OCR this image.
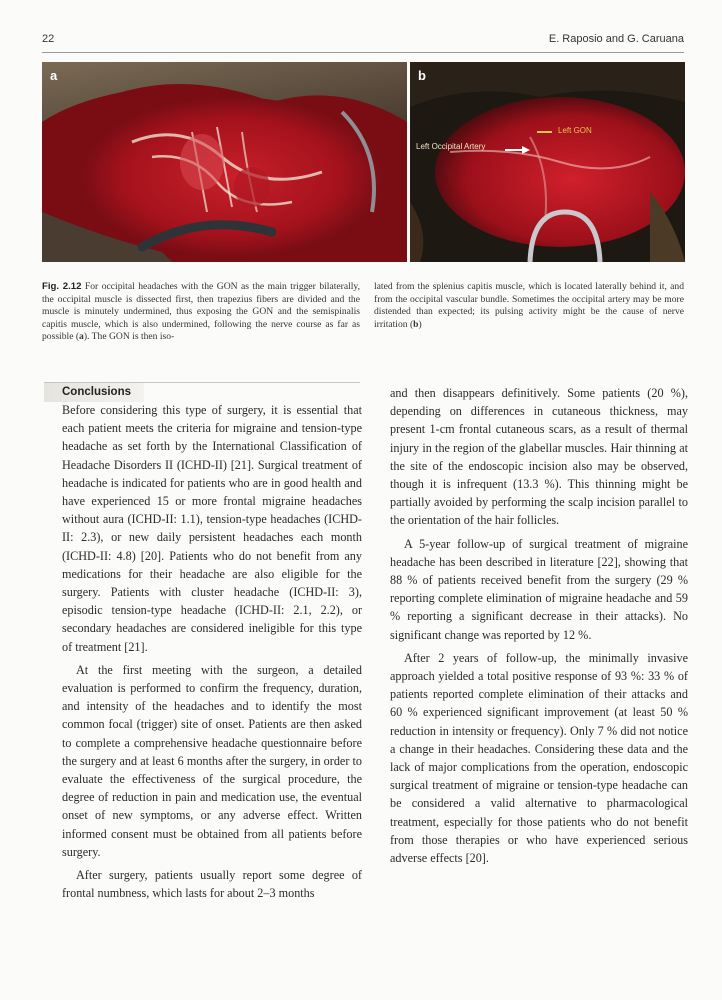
22	E. Raposio and G. Caruana
a	b
Left Occipital Artery
Left GON
Fig. 2.12 For occipital headaches with the GON as the main trigger bilaterally, the occipital muscle is dissected first, then trapezius fibers are divided and the muscle is minutely undermined, thus exposing the GON and the semispinalis capitis muscle, which is also undermined, following the nerve course as far as possible (a). The GON is then iso-
lated from the splenius capitis muscle, which is located laterally behind it, and from the occipital vascular bundle. Sometimes the occipital artery may be more distended than expected; its pulsing activity might be the cause of nerve irritation (b)
Conclusions

Before considering this type of surgery, it is essential that each patient meets the criteria for migraine and tension-type headache as set forth by the International Classification of Headache Disorders II (ICHD-II) [21]. Surgical treatment of headache is indicated for patients who are in good health and have experienced 15 or more frontal migraine headaches without aura (ICHD-II: 1.1), tension-type headaches (ICHD-II: 2.3), or new daily persistent headaches each month (ICHD-II: 4.8) [20]. Patients who do not benefit from any medications for their headache are also eligible for the surgery. Patients with cluster headache (ICHD-II: 3), episodic tension-type headache (ICHD-II: 2.1, 2.2), or secondary headaches are considered ineligible for this type of treatment [21].

At the first meeting with the surgeon, a detailed evaluation is performed to confirm the frequency, duration, and intensity of the headaches and to identify the most common focal (trigger) site of onset. Patients are then asked to complete a comprehensive headache questionnaire before the surgery and at least 6 months after the surgery, in order to evaluate the effectiveness of the surgical procedure, the degree of reduction in pain and medication use, the eventual onset of new symptoms, or any adverse effect. Written informed consent must be obtained from all patients before surgery.

After surgery, patients usually report some degree of frontal numbness, which lasts for about 2–3 months

and then disappears definitively. Some patients (20 %), depending on differences in cutaneous thickness, may present 1-cm frontal cutaneous scars, as a result of thermal injury in the region of the glabellar muscles. Hair thinning at the site of the endoscopic incision also may be observed, though it is infrequent (13.3 %). This thinning might be partially avoided by performing the scalp incision parallel to the orientation of the hair follicles.

A 5-year follow-up of surgical treatment of migraine headache has been described in literature [22], showing that 88 % of patients received benefit from the surgery (29 % reporting complete elimination of migraine headache and 59 % reporting a significant decrease in their attacks). No significant change was reported by 12 %.

After 2 years of follow-up, the minimally invasive approach yielded a total positive response of 93 %: 33 % of patients reported complete elimination of their attacks and 60 % experienced significant improvement (at least 50 % reduction in intensity or frequency). Only 7 % did not notice a change in their headaches. Considering these data and the lack of major complications from the operation, endoscopic surgical treatment of migraine or tension-type headache can be considered a valid alternative to pharmacological treatment, especially for those patients who do not benefit from those therapies or who have experienced serious adverse effects [20].
